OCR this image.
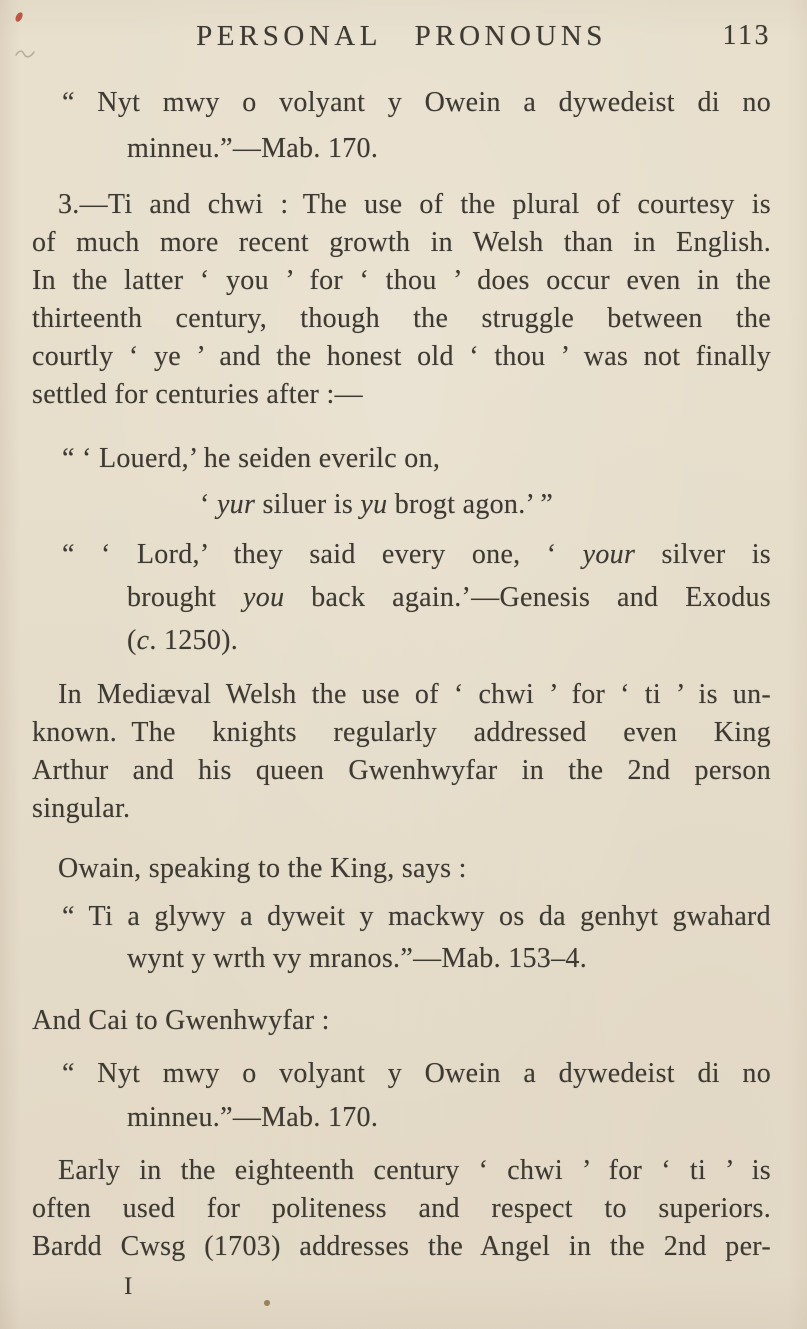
PERSONAL PRONOUNS	113
“ Nyt mwy o volyant y Owein a dywedeist di no
minneu.”—Mab. 170.
3.—Ti and chwi : The use of the plural of courtesy is
of much more recent growth in Welsh than in English.
In the latter ‘ you ’ for ‘ thou ’ does occur even in the
thirteenth century, though the struggle between the
courtly ‘ ye ’ and the honest old ‘ thou ’ was not finally
settled for centuries after :—
“ ‘ Louerd,’ he seiden everilc on,
‘ yur siluer is yu brogt agon.’ ”
“ ‘ Lord,’ they said every one, ‘ your silver is
brought you back again.’—Genesis and Exodus
(c. 1250).
In Mediæval Welsh the use of ‘ chwi ’ for ‘ ti ’ is un-
known. The knights regularly addressed even King
Arthur and his queen Gwenhwyfar in the 2nd person
singular.
Owain, speaking to the King, says :
“ Ti a glywy a dyweit y mackwy os da genhyt gwahard
wynt y wrth vy mranos.”—Mab. 153–4.
And Cai to Gwenhwyfar :
“ Nyt mwy o volyant y Owein a dywedeist di no
minneu.”—Mab. 170.
Early in the eighteenth century ‘ chwi ’ for ‘ ti ’ is
often used for politeness and respect to superiors.
Bardd Cwsg (1703) addresses the Angel in the 2nd per-
I
